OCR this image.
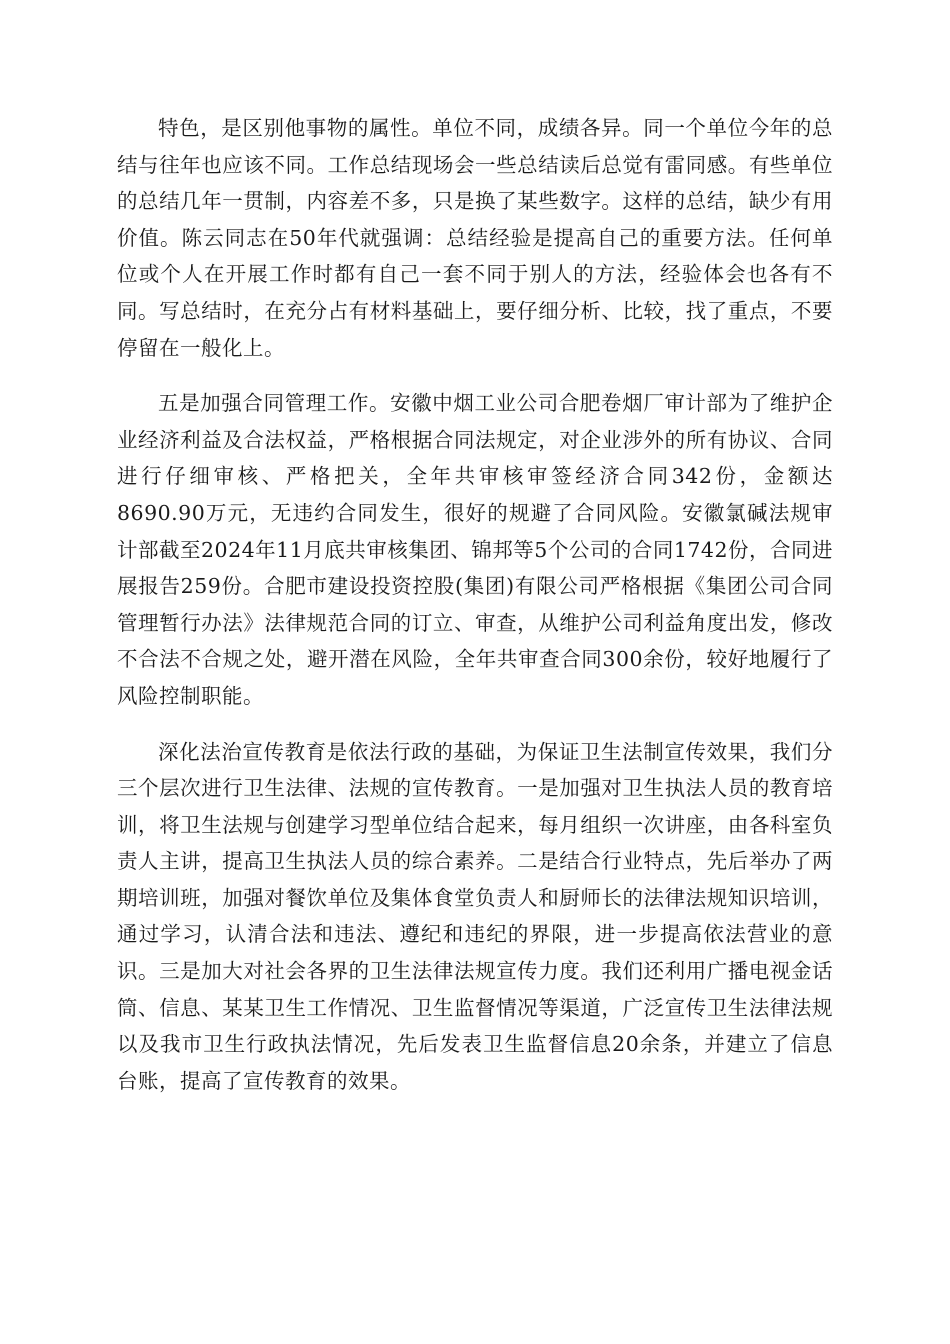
特色，是区别他事物的属性。单位不同，成绩各异。同一个单位今年的总结与往年也应该不同。工作总结现场会一些总结读后总觉有雷同感。有些单位的总结几年一贯制，内容差不多，只是换了某些数字。这样的总结，缺少有用价值。陈云同志在50年代就强调：总结经验是提高自己的重要方法。任何单位或个人在开展工作时都有自己一套不同于别人的方法，经验体会也各有不同。写总结时，在充分占有材料基础上，要仔细分析、比较，找了重点，不要停留在一般化上。

五是加强合同管理工作。安徽中烟工业公司合肥卷烟厂审计部为了维护企业经济利益及合法权益，严格根据合同法规定，对企业涉外的所有协议、合同进行仔细审核、严格把关，全年共审核审签经济合同342份，金额达8690.90万元，无违约合同发生，很好的规避了合同风险。安徽氯碱法规审计部截至2024年11月底共审核集团、锦邦等5个公司的合同1742份，合同进展报告259份。合肥市建设投资控股(集团)有限公司严格根据《集团公司合同管理暂行办法》法律规范合同的订立、审查，从维护公司利益角度出发，修改不合法不合规之处，避开潜在风险，全年共审查合同300余份，较好地履行了风险控制职能。

深化法治宣传教育是依法行政的基础，为保证卫生法制宣传效果，我们分三个层次进行卫生法律、法规的宣传教育。一是加强对卫生执法人员的教育培训，将卫生法规与创建学习型单位结合起来，每月组织一次讲座，由各科室负责人主讲，提高卫生执法人员的综合素养。二是结合行业特点，先后举办了两期培训班，加强对餐饮单位及集体食堂负责人和厨师长的法律法规知识培训，通过学习，认清合法和违法、遵纪和违纪的界限，进一步提高依法营业的意识。三是加大对社会各界的卫生法律法规宣传力度。我们还利用广播电视金话筒、信息、某某卫生工作情况、卫生监督情况等渠道，广泛宣传卫生法律法规以及我市卫生行政执法情况，先后发表卫生监督信息20余条，并建立了信息台账，提高了宣传教育的效果。
